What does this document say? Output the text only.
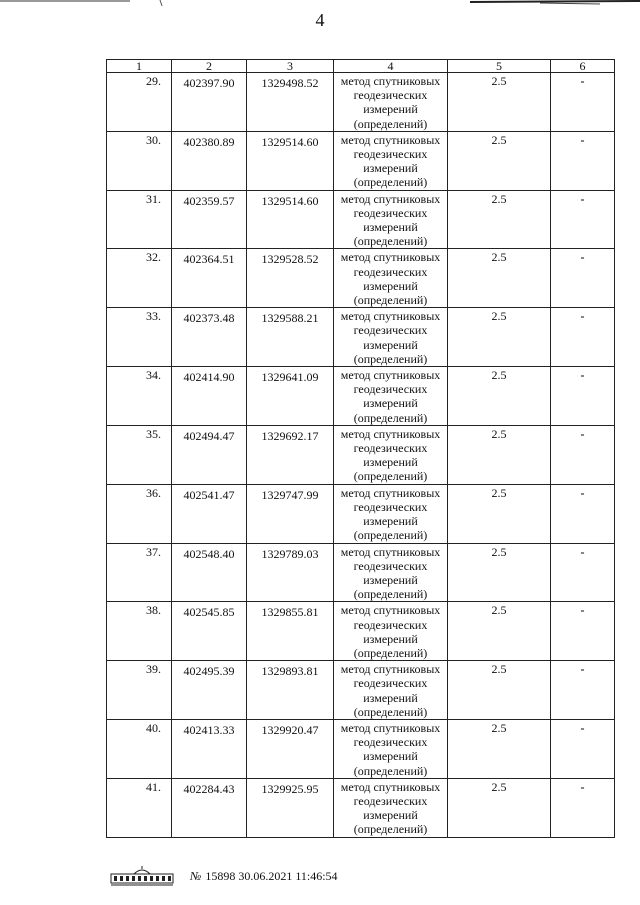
4
1	2	3	4	5	6
29.	402397.90	1329498.52	метод спутниковых геодезических измерений (определений)	2.5	-
30.	402380.89	1329514.60	метод спутниковых геодезических измерений (определений)	2.5	-
31.	402359.57	1329514.60	метод спутниковых геодезических измерений (определений)	2.5	-
32.	402364.51	1329528.52	метод спутниковых геодезических измерений (определений)	2.5	-
33.	402373.48	1329588.21	метод спутниковых геодезических измерений (определений)	2.5	-
34.	402414.90	1329641.09	метод спутниковых геодезических измерений (определений)	2.5	-
35.	402494.47	1329692.17	метод спутниковых геодезических измерений (определений)	2.5	-
36.	402541.47	1329747.99	метод спутниковых геодезических измерений (определений)	2.5	-
37.	402548.40	1329789.03	метод спутниковых геодезических измерений (определений)	2.5	-
38.	402545.85	1329855.81	метод спутниковых геодезических измерений (определений)	2.5	-
39.	402495.39	1329893.81	метод спутниковых геодезических измерений (определений)	2.5	-
40.	402413.33	1329920.47	метод спутниковых геодезических измерений (определений)	2.5	-
41.	402284.43	1329925.95	метод спутниковых геодезических измерений (определений)	2.5	-
№ 15898 30.06.2021 11:46:54
